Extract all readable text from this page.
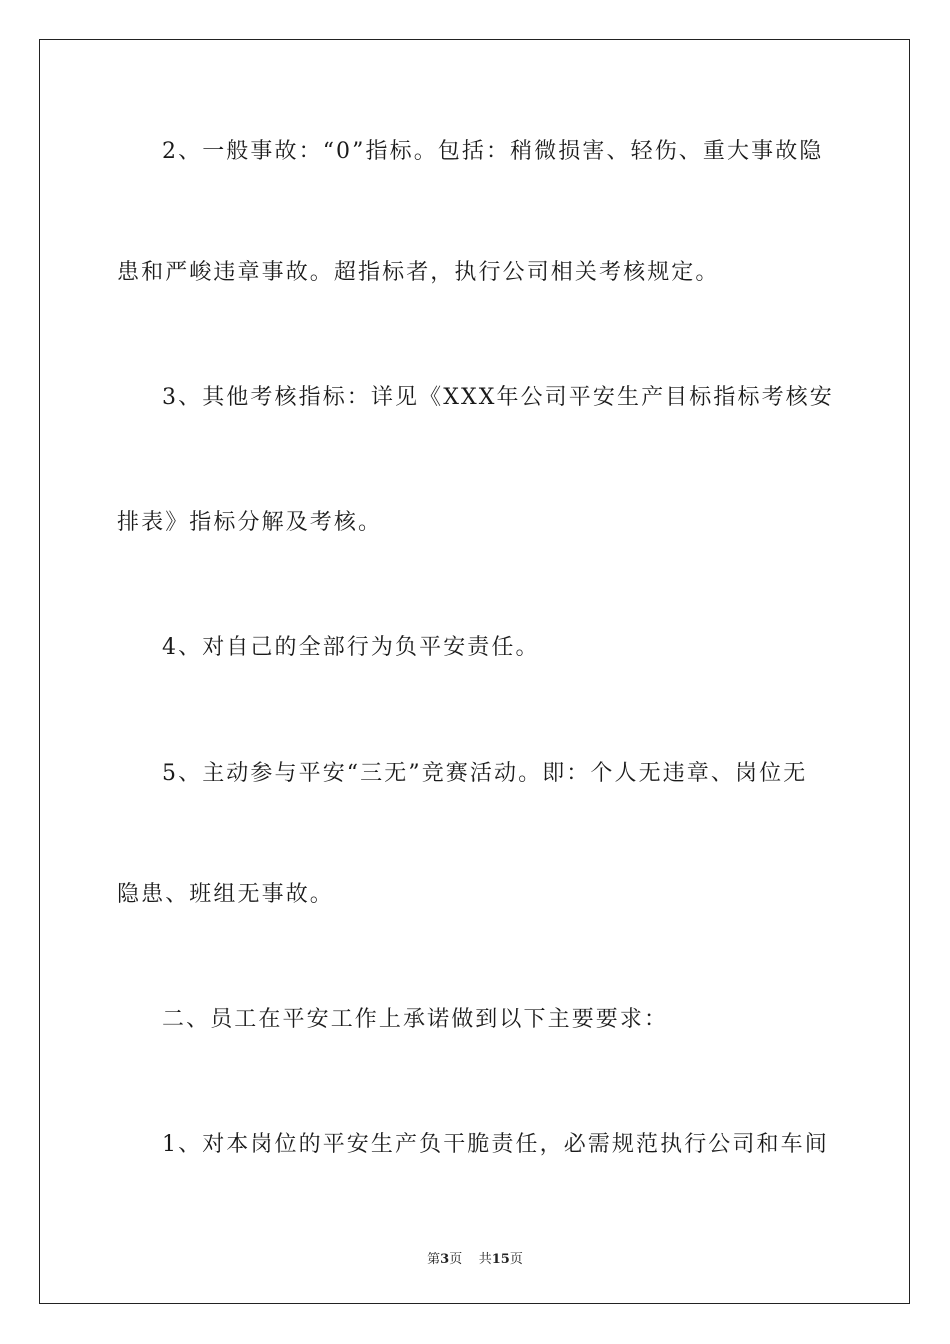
2、一般事故：“0”指标。包括：稍微损害、轻伤、重大事故隐
患和严峻违章事故。超指标者，执行公司相关考核规定。
3、其他考核指标：详见《XXX年公司平安生产目标指标考核安
排表》指标分解及考核。
4、对自己的全部行为负平安责任。
5、主动参与平安“三无”竞赛活动。即：个人无违章、岗位无
隐患、班组无事故。
二、员工在平安工作上承诺做到以下主要要求：
1、对本岗位的平安生产负干脆责任，必需规范执行公司和车间
第3页 共15页
